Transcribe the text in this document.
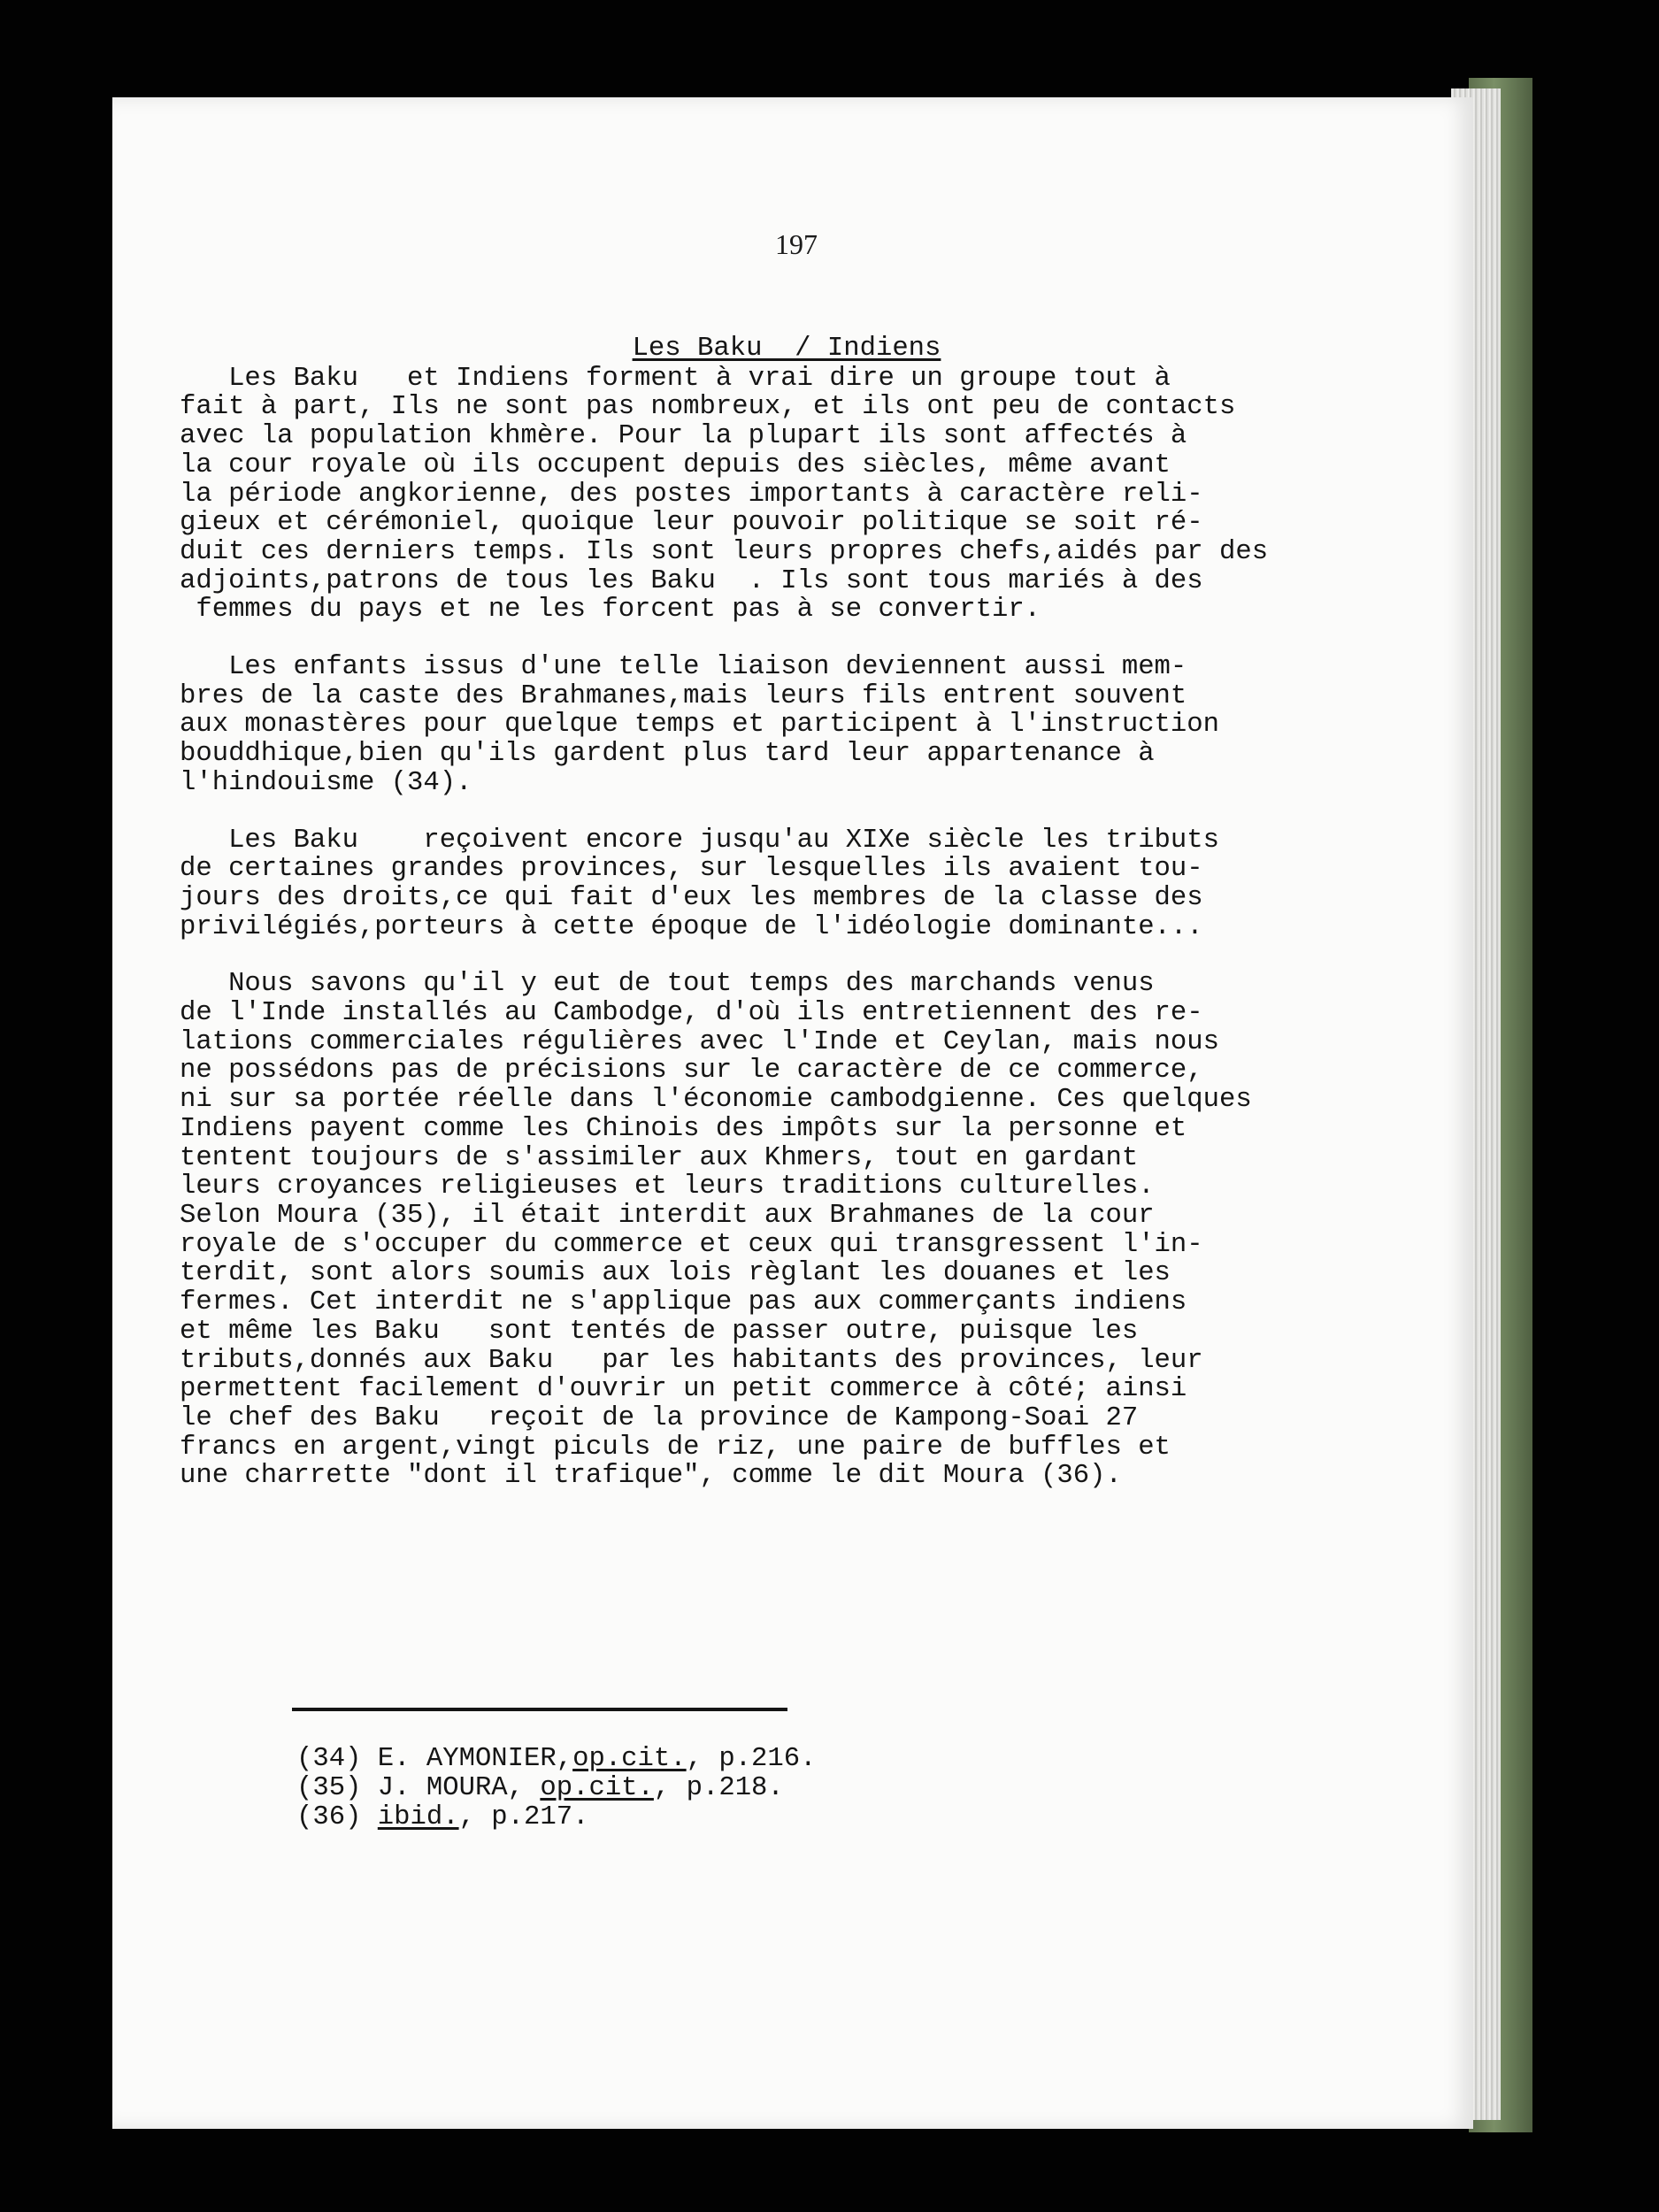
197
Les Baku  / Indiens
Les Baku   et Indiens forment à vrai dire un groupe tout à
fait à part, Ils ne sont pas nombreux, et ils ont peu de contacts
avec la population khmère. Pour la plupart ils sont affectés à
la cour royale où ils occupent depuis des siècles, même avant
la période angkorienne, des postes importants à caractère reli-
gieux et cérémoniel, quoique leur pouvoir politique se soit ré-
duit ces derniers temps. Ils sont leurs propres chefs,aidés par des
adjoints,patrons de tous les Baku  . Ils sont tous mariés à des
femmes du pays et ne les forcent pas à se convertir.
Les enfants issus d'une telle liaison deviennent aussi mem-
bres de la caste des Brahmanes,mais leurs fils entrent souvent
aux monastères pour quelque temps et participent à l'instruction
bouddhique,bien qu'ils gardent plus tard leur appartenance à
l'hindouisme (34).
Les Baku    reçoivent encore jusqu'au XIXe siècle les tributs
de certaines grandes provinces, sur lesquelles ils avaient tou-
jours des droits,ce qui fait d'eux les membres de la classe des
privilégiés,porteurs à cette époque de l'idéologie dominante...
Nous savons qu'il y eut de tout temps des marchands venus
de l'Inde installés au Cambodge, d'où ils entretiennent des re-
lations commerciales régulières avec l'Inde et Ceylan, mais nous
ne possédons pas de précisions sur le caractère de ce commerce,
ni sur sa portée réelle dans l'économie cambodgienne. Ces quelques
Indiens payent comme les Chinois des impôts sur la personne et
tentent toujours de s'assimiler aux Khmers, tout en gardant
leurs croyances religieuses et leurs traditions culturelles.
Selon Moura (35), il était interdit aux Brahmanes de la cour
royale de s'occuper du commerce et ceux qui transgressent l'in-
terdit, sont alors soumis aux lois règlant les douanes et les
fermes. Cet interdit ne s'applique pas aux commerçants indiens
et même les Baku   sont tentés de passer outre, puisque les
tributs,donnés aux Baku   par les habitants des provinces, leur
permettent facilement d'ouvrir un petit commerce à côté; ainsi
le chef des Baku   reçoit de la province de Kampong-Soai 27
francs en argent,vingt piculs de riz, une paire de buffles et
une charrette "dont il trafique", comme le dit Moura (36).
(34) E. AYMONIER,op.cit., p.216.
(35) J. MOURA, op.cit., p.218.
(36) ibid., p.217.
